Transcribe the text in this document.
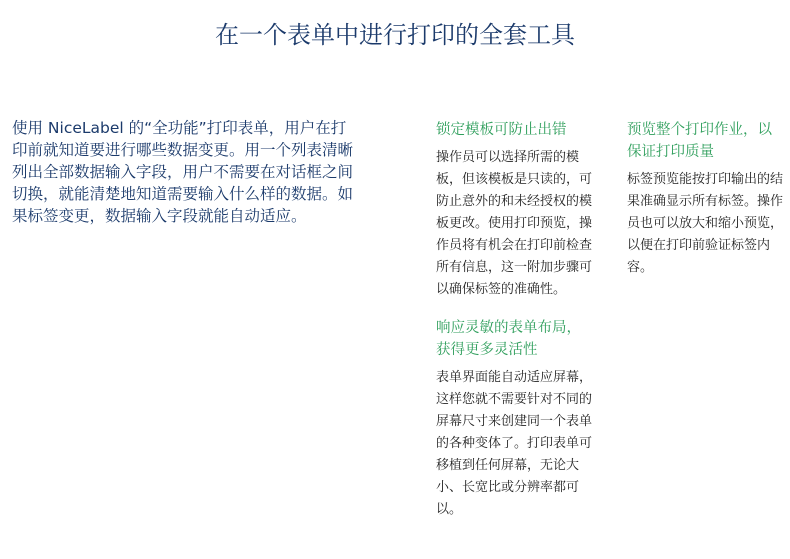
在一个表单中进行打印的全套工具

使用 NiceLabel 的“全功能”打印表单，用户在打印前就知道要进行哪些数据变更。用一个列表清晰列出全部数据输入字段，用户不需要在对话框之间切换，就能清楚地知道需要输入什么样的数据。如果标签变更，数据输入字段就能自动适应。

锁定模板可防止出错

操作员可以选择所需的模板，但该模板是只读的，可防止意外的和未经授权的模板更改。使用打印预览，操作员将有机会在打印前检查所有信息，这一附加步骤可以确保标签的准确性。

响应灵敏的表单布局，获得更多灵活性

表单界面能自动适应屏幕，这样您就不需要针对不同的屏幕尺寸来创建同一个表单的各种变体了。打印表单可移植到任何屏幕，无论大小、长宽比或分辨率都可以。

预览整个打印作业，以保证打印质量

标签预览能按打印输出的结果准确显示所有标签。操作员也可以放大和缩小预览，以便在打印前验证标签内容。
